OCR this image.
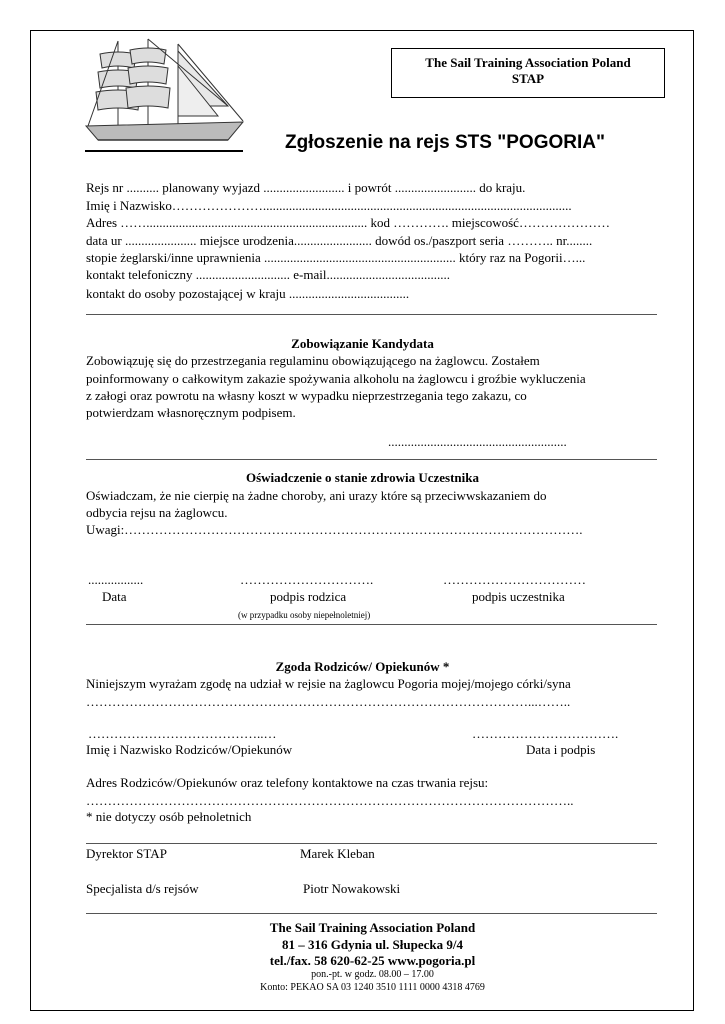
The Sail Training Association Poland
STAP
Zgłoszenie na rejs STS "POGORIA"
Rejs nr .......... planowany wyjazd ......................... i powrót ......................... do kraju.
Imię i Nazwisko…………………...............................................................................................
Adres …….................................................................... kod …………. miejscowość…………………
data ur ...................... miejsce urodzenia........................ dowód os./paszport seria ……….. nr........
stopie żeglarski/inne uprawnienia ........................................................... który raz na Pogorii…...
kontakt telefoniczny ............................. e-mail......................................
kontakt do osoby pozostającej w kraju .....................................
Zobowiązanie Kandydata
Zobowiązuję się do przestrzegania regulaminu obowiązującego na żaglowcu. Zostałem
poinformowany o całkowitym zakazie spożywania alkoholu na żaglowcu i groźbie wykluczenia
z załogi oraz powrotu na własny koszt w wypadku nieprzestrzegania tego zakazu, co
potwierdzam własnoręcznym podpisem.
.......................................................
Oświadczenie o stanie zdrowia Uczestnika
Oświadczam, że nie cierpię na żadne choroby, ani urazy które są przeciwwskazaniem do
odbycia rejsu na żaglowcu.
Uwagi:…………………………………………………………………………………………….
.................	………………………….	……………………………
Data	podpis rodzica	podpis uczestnika
(w przypadku osoby niepełnoletniej)
Zgoda Rodziców/ Opiekunów *
Niniejszym wyrażam zgodę na udział w rejsie na żaglowcu Pogoria mojej/mojego córki/syna
…………………………………………………………………………………………...……..
…………………………………..…	…………………………….
Imię i Nazwisko Rodziców/Opiekunów	Data i podpis
Adres Rodziców/Opiekunów oraz telefony kontaktowe na czas trwania rejsu:
…………………………………………………………………………………………………..
* nie dotyczy osób pełnoletnich
Dyrektor STAP	Marek Kleban
Specjalista d/s rejsów	Piotr Nowakowski
The Sail Training Association Poland
81 – 316 Gdynia ul. Słupecka 9/4
tel./fax. 58 620-62-25 www.pogoria.pl
pon.-pt. w godz. 08.00 – 17.00
Konto: PEKAO SA 03 1240 3510 1111 0000 4318 4769
